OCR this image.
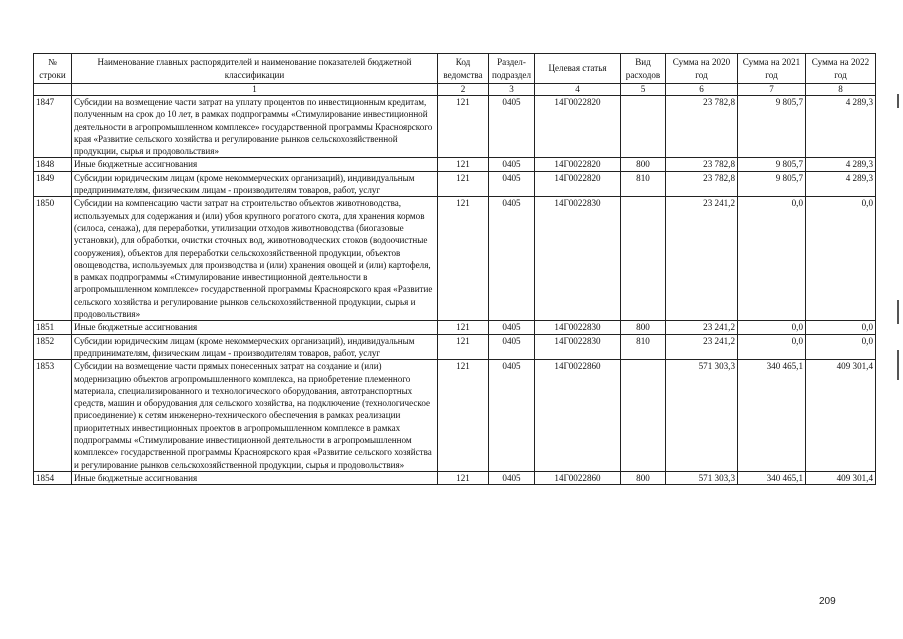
№ строки	Наименование главных распорядителей и наименование показателей бюджетной классификации	Код ведомства	Раздел-подраздел	Целевая статья	Вид расходов	Сумма на 2020 год	Сумма на 2021 год	Сумма на 2022 год
	1	2	3	4	5	6	7	8
1847	Субсидии на возмещение части затрат на уплату процентов по инвестиционным кредитам, полученным на срок до 10 лет, в рамках подпрограммы «Стимулирование инвестиционной деятельности в агропромышленном комплексе» государственной программы Красноярского края «Развитие сельского хозяйства и регулирование рынков сельскохозяйственной продукции, сырья и продовольствия»	121	0405	14Г0022820		23 782,8	9 805,7	4 289,3
1848	Иные бюджетные ассигнования	121	0405	14Г0022820	800	23 782,8	9 805,7	4 289,3
1849	Субсидии юридическим лицам (кроме некоммерческих организаций), индивидуальным предпринимателям, физическим лицам - производителям товаров, работ, услуг	121	0405	14Г0022820	810	23 782,8	9 805,7	4 289,3
1850	Субсидии на компенсацию части затрат на строительство объектов животноводства, используемых для содержания и (или) убоя крупного рогатого скота, для хранения кормов (силоса, сенажа), для переработки, утилизации отходов животноводства (биогазовые установки), для обработки, очистки сточных вод, животноводческих стоков (водоочистные сооружения), объектов для переработки сельскохозяйственной продукции, объектов овощеводства, используемых для производства и (или) хранения овощей и (или) картофеля, в рамках подпрограммы «Стимулирование инвестиционной деятельности в агропромышленном комплексе» государственной программы Красноярского края «Развитие сельского хозяйства и регулирование рынков сельскохозяйственной продукции, сырья и продовольствия»	121	0405	14Г0022830		23 241,2	0,0	0,0
1851	Иные бюджетные ассигнования	121	0405	14Г0022830	800	23 241,2	0,0	0,0
1852	Субсидии юридическим лицам (кроме некоммерческих организаций), индивидуальным предпринимателям, физическим лицам - производителям товаров, работ, услуг	121	0405	14Г0022830	810	23 241,2	0,0	0,0
1853	Субсидии на возмещение части прямых понесенных затрат на создание и (или) модернизацию объектов агропромышленного комплекса, на приобретение племенного материала, специализированного и технологического оборудования, автотранспортных средств, машин и оборудования для сельского хозяйства, на подключение (технологическое присоединение) к сетям инженерно-технического обеспечения в рамках реализации приоритетных инвестиционных проектов в агропромышленном комплексе в рамках подпрограммы «Стимулирование инвестиционной деятельности в агропромышленном комплексе» государственной программы Красноярского края «Развитие сельского хозяйства и регулирование рынков сельскохозяйственной продукции, сырья и продовольствия»	121	0405	14Г0022860		571 303,3	340 465,1	409 301,4
1854	Иные бюджетные ассигнования	121	0405	14Г0022860	800	571 303,3	340 465,1	409 301,4
209
